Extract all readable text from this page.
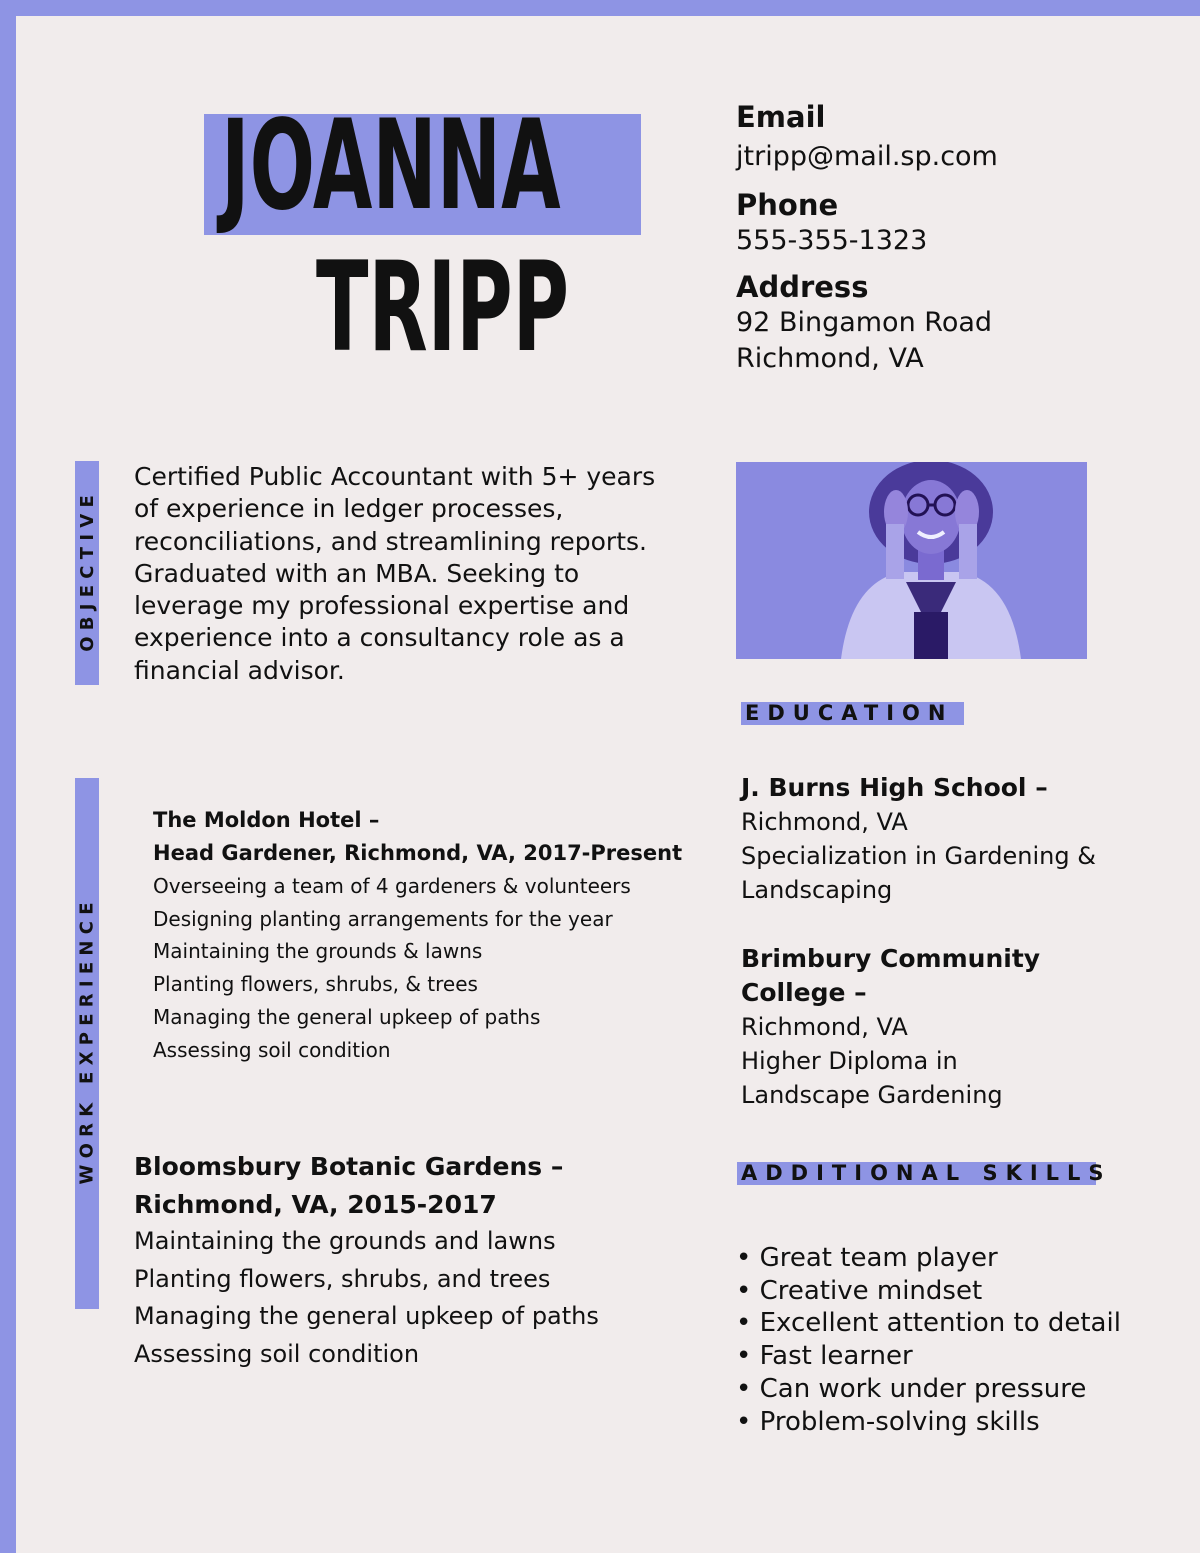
JOANNA
TRIPP
Email
jtripp@mail.sp.com
Phone
555-355-1323
Address
92 Bingamon Road
Richmond, VA
O B J E C T I V E
Certified Public Accountant with 5+ years
of experience in ledger processes,
reconciliations, and streamlining reports.
Graduated with an MBA. Seeking to
leverage my professional expertise and
experience into a consultancy role as a
financial advisor.
W O R K   E X P E R I E N C E
The Moldon Hotel –
Head Gardener, Richmond, VA, 2017-Present
Overseeing a team of 4 gardeners & volunteers
Designing planting arrangements for the year
Maintaining the grounds & lawns
Planting flowers, shrubs, & trees
Managing the general upkeep of paths
Assessing soil condition
Bloomsbury Botanic Gardens –
Richmond, VA, 2015-2017
Maintaining the grounds and lawns
Planting flowers, shrubs, and trees
Managing the general upkeep of paths
Assessing soil condition
EDUCATION
J. Burns High School –
Richmond, VA
Specialization in Gardening &
Landscaping
Brimbury Community
College –
Richmond, VA
Higher Diploma in
Landscape Gardening
ADDITIONAL SKILLS
• Great team player
• Creative mindset
• Excellent attention to detail
• Fast learner
• Can work under pressure
• Problem-solving skills
